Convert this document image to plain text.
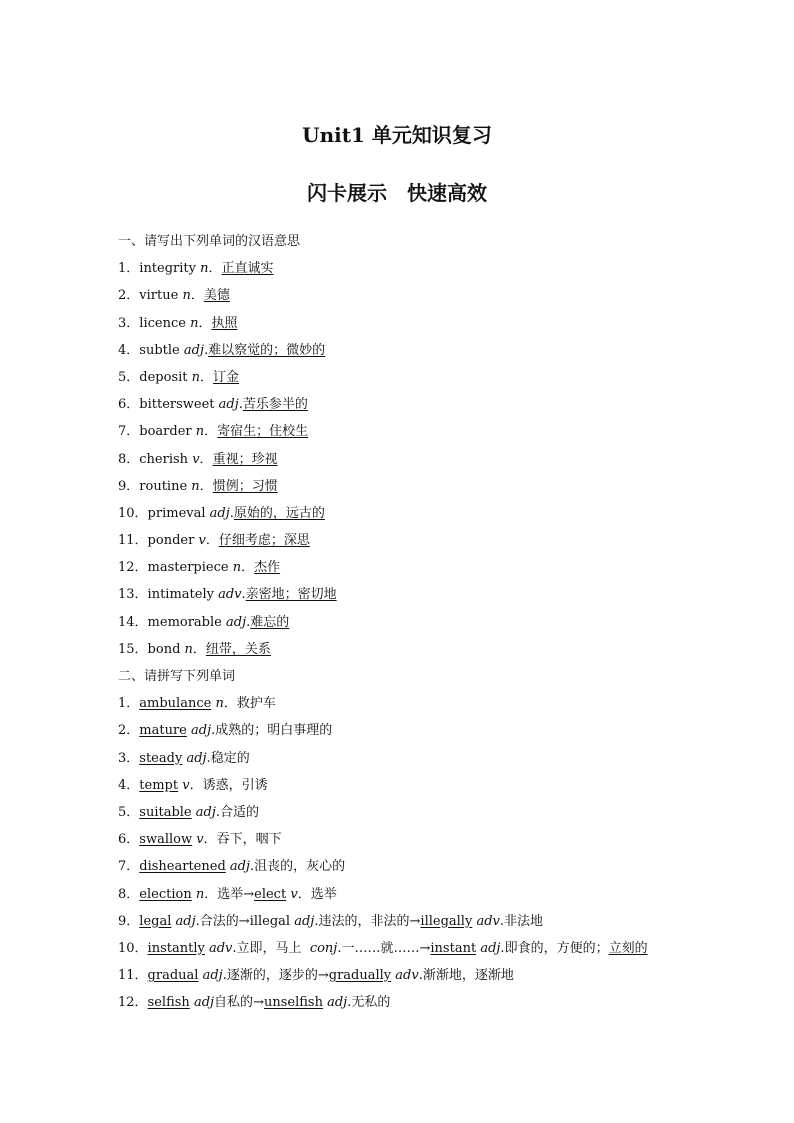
Unit1 单元知识复习
闪卡展示　快速高效
一、请写出下列单词的汉语意思
1．integrity n．正直诚实
2．virtue n．美德
3．licence n．执照
4．subtle adj.难以察觉的；微妙的
5．deposit n．订金
6．bittersweet adj.苦乐参半的
7．boarder n．寄宿生；住校生
8．cherish v．重视；珍视
9．routine n．惯例；习惯
10．primeval adj.原始的，远古的
11．ponder v．仔细考虑；深思
12．masterpiece n．杰作
13．intimately adv.亲密地；密切地
14．memorable adj.难忘的
15．bond n．纽带，关系
二、请拼写下列单词
1．ambulance n．救护车
2．mature adj.成熟的；明白事理的
3．steady adj.稳定的
4．tempt v．诱惑，引诱
5．suitable adj.合适的
6．swallow v．吞下，咽下
7．disheartened adj.沮丧的，灰心的
8．election n．选举→elect v．选举
9．legal adj.合法的→illegal adj.违法的，非法的→illegally adv.非法地
10．instantly adv.立即，马上 conj.一……就……→instant adj.即食的，方便的；立刻的
11．gradual adj.逐渐的，逐步的→gradually adv.渐渐地，逐渐地
12．selfish adj自私的→unselfish adj.无私的
